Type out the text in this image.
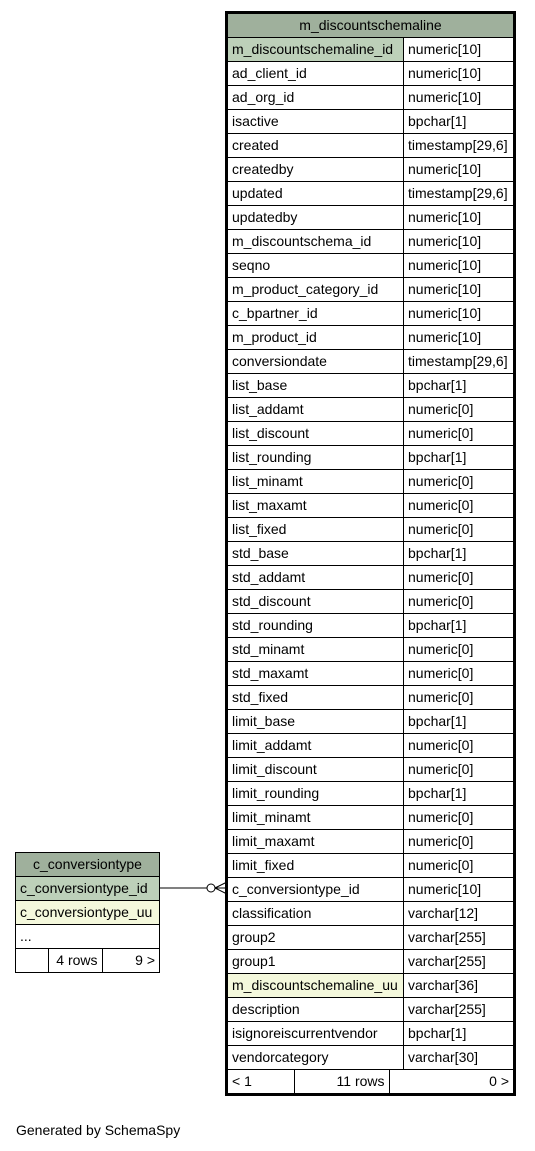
m_discountschemaline
m_discountschemaline_id	numeric[10]
ad_client_id	numeric[10]
ad_org_id	numeric[10]
isactive	bpchar[1]
created	timestamp[29,6]
createdby	numeric[10]
updated	timestamp[29,6]
updatedby	numeric[10]
m_discountschema_id	numeric[10]
seqno	numeric[10]
m_product_category_id	numeric[10]
c_bpartner_id	numeric[10]
m_product_id	numeric[10]
conversiondate	timestamp[29,6]
list_base	bpchar[1]
list_addamt	numeric[0]
list_discount	numeric[0]
list_rounding	bpchar[1]
list_minamt	numeric[0]
list_maxamt	numeric[0]
list_fixed	numeric[0]
std_base	bpchar[1]
std_addamt	numeric[0]
std_discount	numeric[0]
std_rounding	bpchar[1]
std_minamt	numeric[0]
std_maxamt	numeric[0]
std_fixed	numeric[0]
limit_base	bpchar[1]
limit_addamt	numeric[0]
limit_discount	numeric[0]
limit_rounding	bpchar[1]
limit_minamt	numeric[0]
limit_maxamt	numeric[0]
limit_fixed	numeric[0]
c_conversiontype_id	numeric[10]
classification	varchar[12]
group2	varchar[255]
group1	varchar[255]
m_discountschemaline_uu	varchar[36]
description	varchar[255]
isignoreiscurrentvendor	bpchar[1]
vendorcategory	varchar[30]

< 1	11 rows	0 >
c_conversiontype
c_conversiontype_id
c_conversiontype_uu
...

	4 rows	9 >
Generated by SchemaSpy
